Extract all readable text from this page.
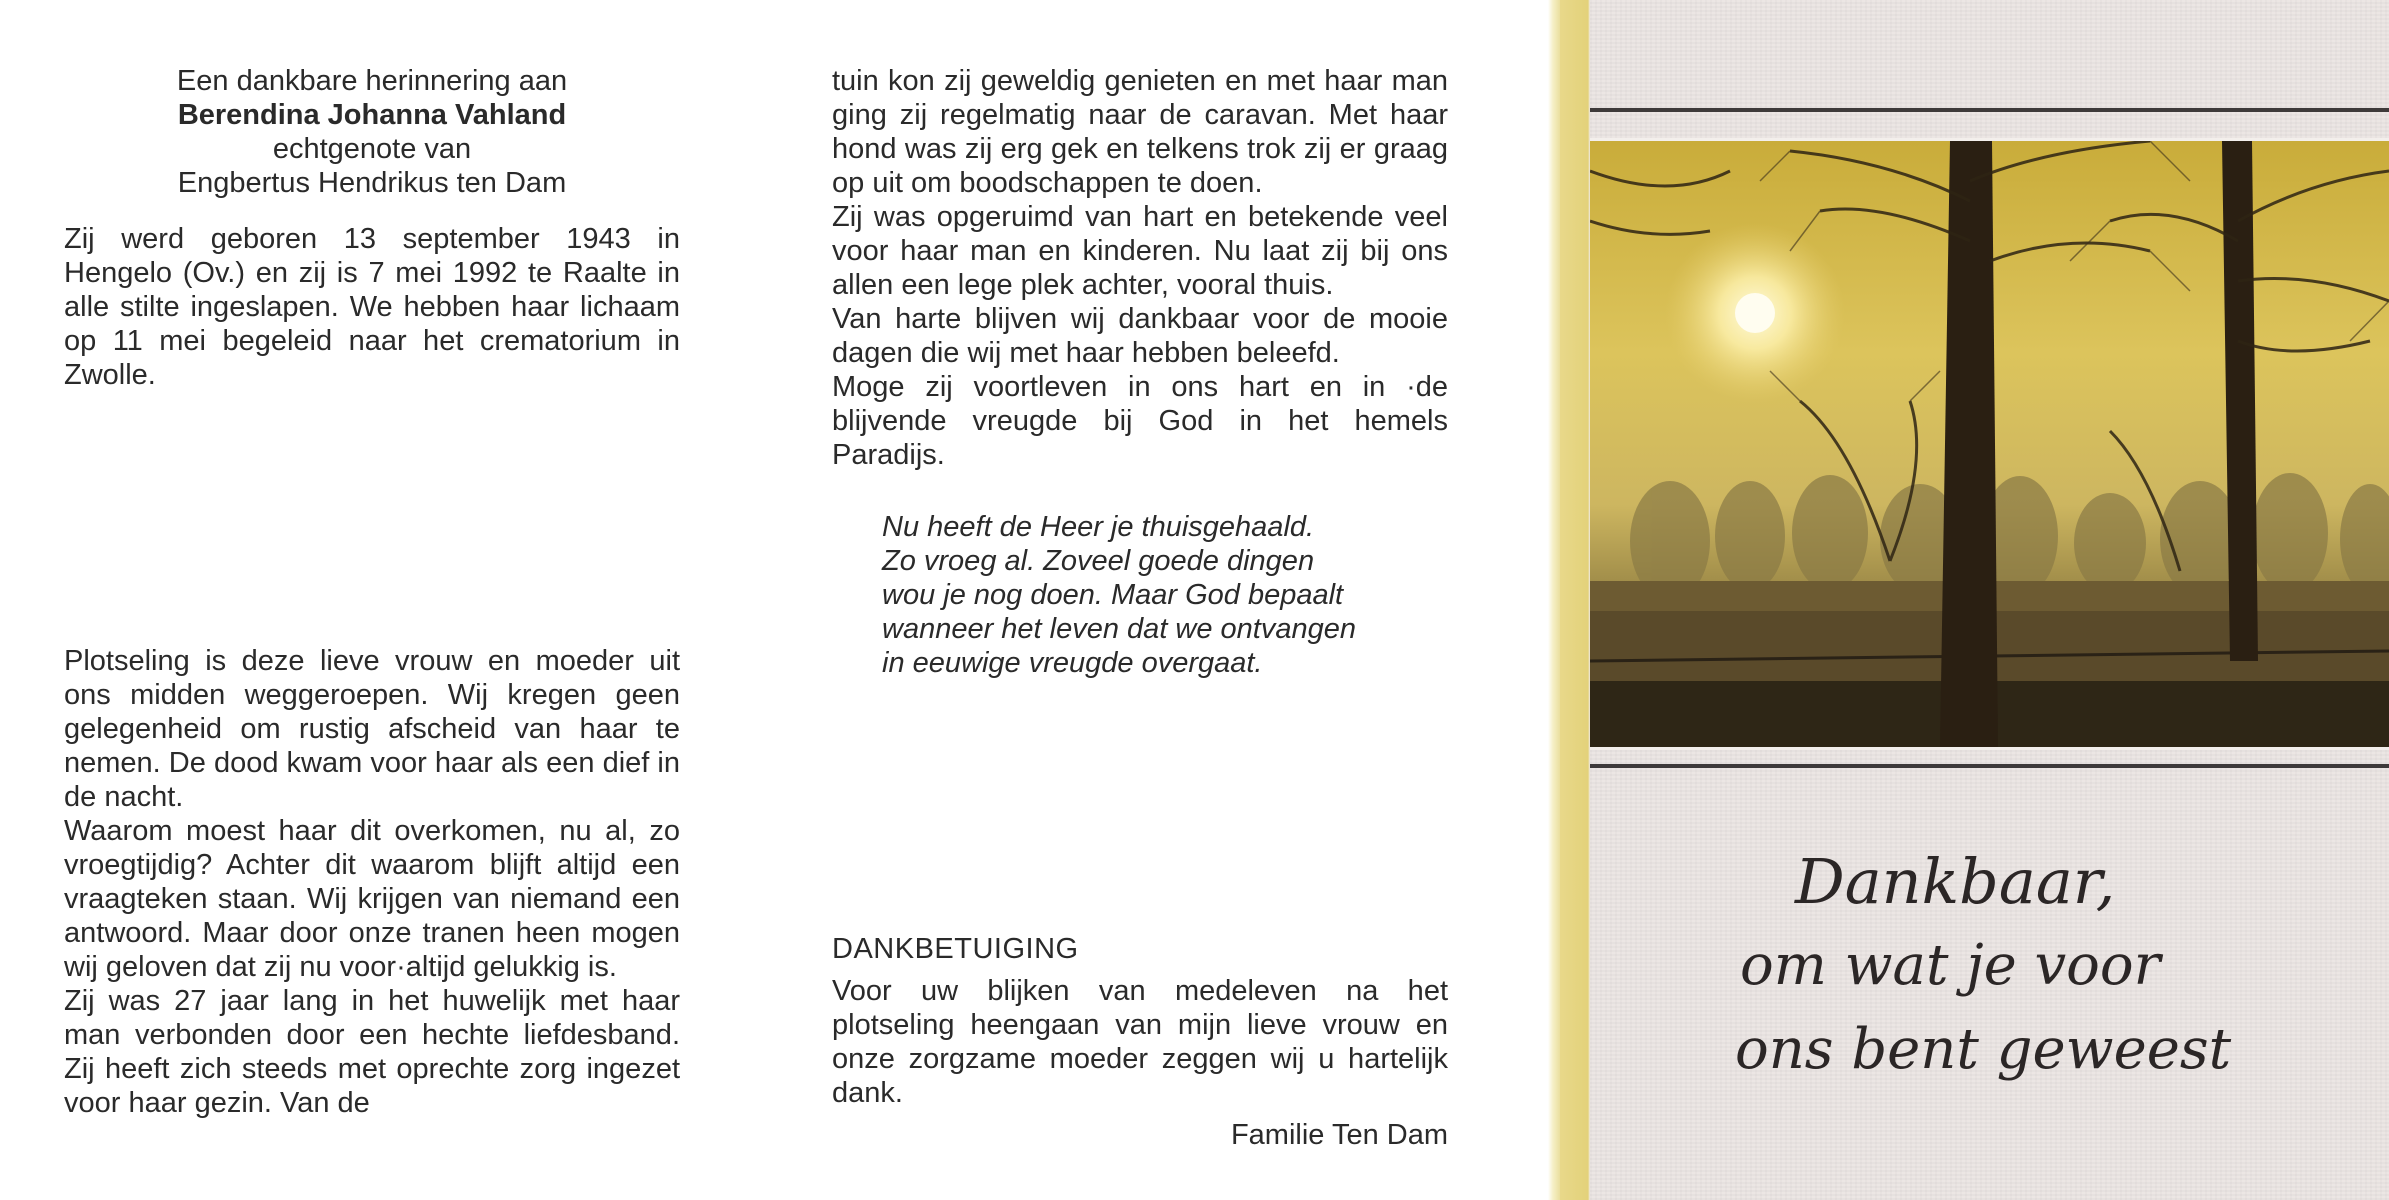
Een dankbare herinnering aan

Berendina Johanna Vahland

echtgenote van

Engbertus Hendrikus ten Dam

Zij werd geboren 13 september 1943 in Hengelo (Ov.) en zij is 7 mei 1992 te Raalte in alle stilte ingeslapen. We hebben haar lichaam op 11 mei begeleid naar het crematorium in Zwolle.

Plotseling is deze lieve vrouw en moeder uit ons midden weggeroepen. Wij kregen geen gelegenheid om rustig afscheid van haar te nemen. De dood kwam voor haar als een dief in de nacht.

Waarom moest haar dit overkomen, nu al, zo vroegtijdig? Achter dit waarom blijft altijd een vraagteken staan. Wij krijgen van niemand een antwoord. Maar door onze tranen heen mogen wij geloven dat zij nu voor·altijd gelukkig is.

Zij was 27 jaar lang in het huwelijk met haar man verbonden door een hechte liefdesband. Zij heeft zich steeds met oprechte zorg ingezet voor haar gezin. Van de

tuin kon zij geweldig genieten en met haar man ging zij regelmatig naar de caravan. Met haar hond was zij erg gek en telkens trok zij er graag op uit om boodschappen te doen.

Zij was opgeruimd van hart en betekende veel voor haar man en kinderen. Nu laat zij bij ons allen een lege plek achter, vooral thuis.

Van harte blijven wij dankbaar voor de mooie dagen die wij met haar hebben beleefd.

Moge zij voortleven in ons hart en in ·de blijvende vreugde bij God in het hemels Paradijs.

Nu heeft de Heer je thuisgehaald.
Zo vroeg al. Zoveel goede dingen
wou je nog doen. Maar God bepaalt
wanneer het leven dat we ontvangen
in eeuwige vreugde overgaat.

DANKBETUIGING

Voor uw blijken van medeleven na het plotseling heengaan van mijn lieve vrouw en onze zorgzame moeder zeggen wij u hartelijk dank.

Familie Ten Dam

Dankbaar,
om wat je voor
ons bent geweest
